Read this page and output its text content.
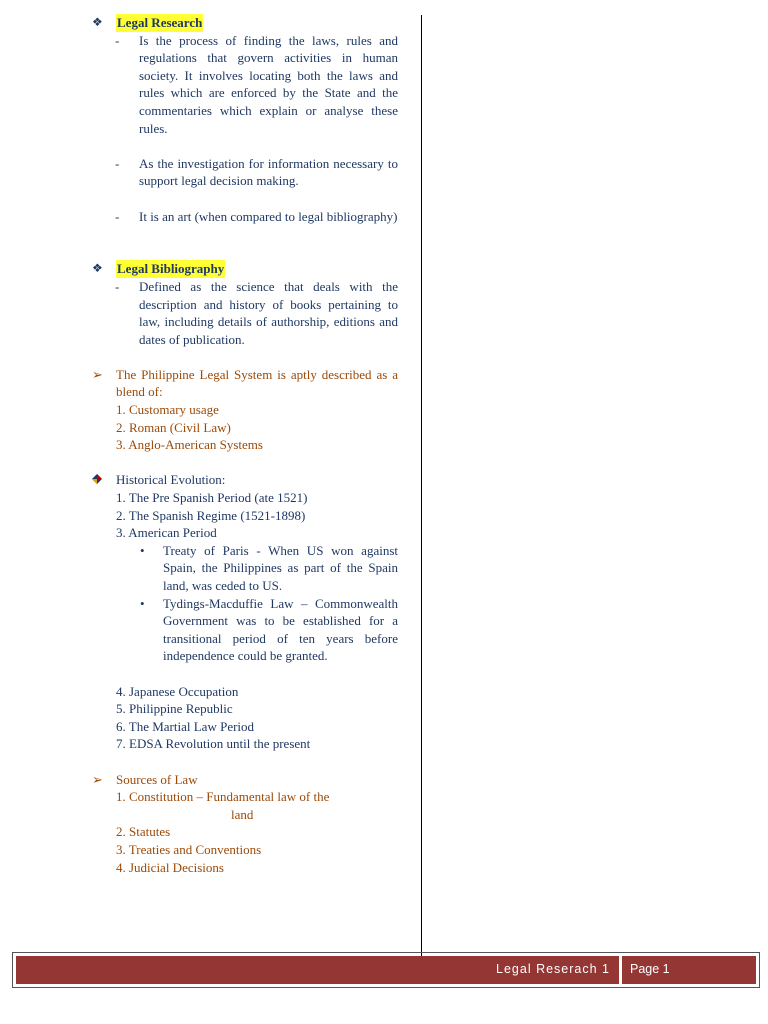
❖	Legal Research
-	Is the process of finding the laws, rules and regulations that govern activities in human society. It involves locating both the laws and rules which are enforced by the State and the commentaries which explain or analyse these rules.
-	As the investigation for information necessary to support legal decision making.
-	It is an art (when compared to legal bibliography)
❖	Legal Bibliography
-	Defined as the science that deals with the description and history of books pertaining to law, including details of authorship, editions and dates of publication.
➢	The Philippine Legal System is aptly described as a blend of:
1. Customary usage
2. Roman (Civil Law)
3. Anglo-American Systems
Historical Evolution:
1. The Pre Spanish Period (ate 1521)
2. The Spanish Regime (1521-1898)
3. American Period
•	Treaty of Paris - When US won against Spain, the Philippines as part of the Spain land, was ceded to US.
•	Tydings-Macduffie Law – Commonwealth Government was to be established for a transitional period of ten years before independence could be granted.
4. Japanese Occupation
5. Philippine Republic
6. The Martial Law Period
7. EDSA Revolution until the present
➢	Sources of Law
1. Constitution – Fundamental law of the
land
2. Statutes
3. Treaties and Conventions
4. Judicial Decisions
Legal Reserach 1 Page 1
